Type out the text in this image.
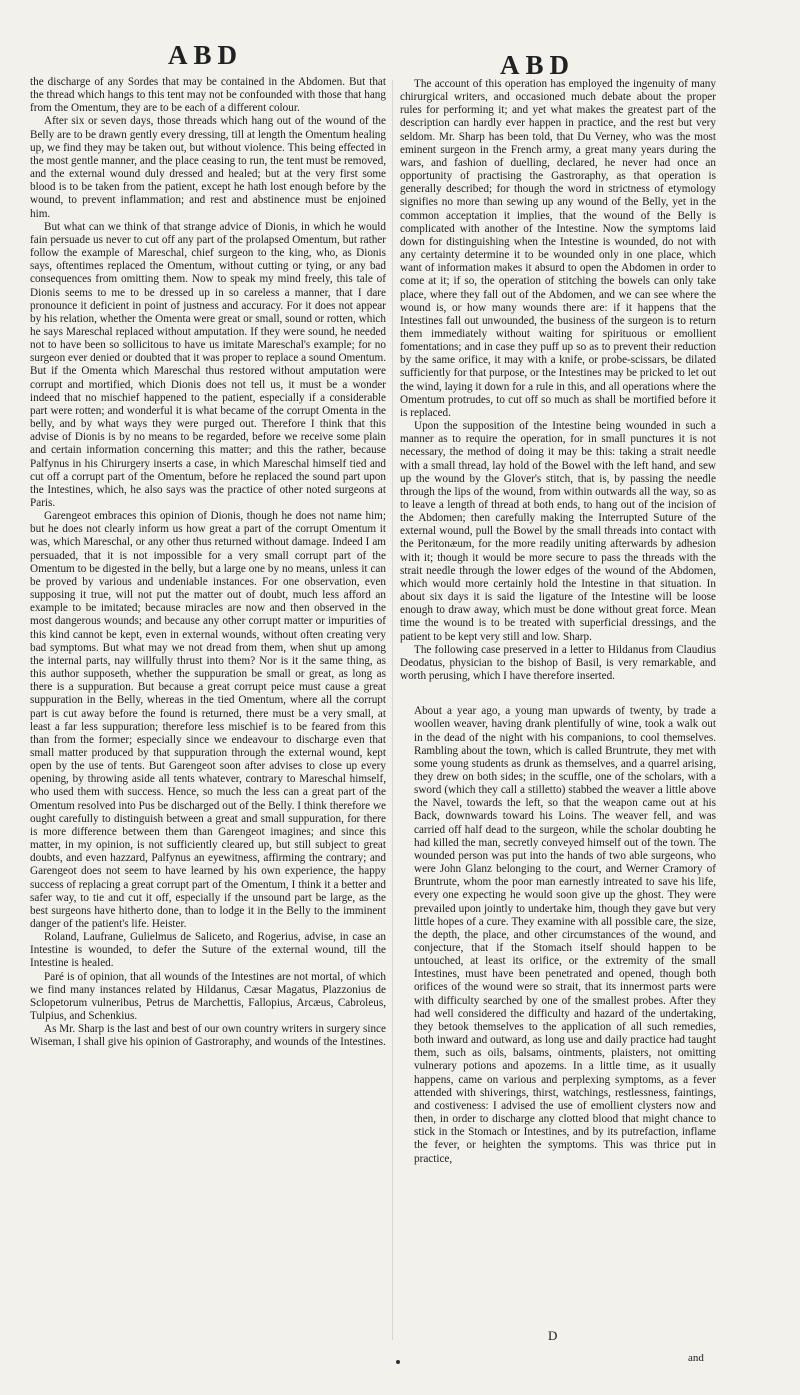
ABD	ABD

the discharge of any Sordes that may be contained in the Abdomen. But that the thread which hangs to this tent may not be confounded with those that hang from the Omentum, they are to be each of a different colour.

After six or seven days, those threads which hang out of the wound of the Belly are to be drawn gently every dressing, till at length the Omentum healing up, we find they may be taken out, but without violence. This being effected in the most gentle manner, and the place ceasing to run, the tent must be removed, and the external wound duly dressed and healed; but at the very first some blood is to be taken from the patient, except he hath lost enough before by the wound, to prevent inflammation; and rest and abstinence must be enjoined him.

But what can we think of that strange advice of Dionis, in which he would fain persuade us never to cut off any part of the prolapsed Omentum, but rather follow the example of Mareschal, chief surgeon to the king, who, as Dionis says, oftentimes replaced the Omentum, without cutting or tying, or any bad consequences from omitting them. Now to speak my mind freely, this tale of Dionis seems to me to be dressed up in so careless a manner, that I dare pronounce it deficient in point of justness and accuracy. For it does not appear by his relation, whether the Omenta were great or small, sound or rotten, which he says Mareschal replaced without amputation. If they were sound, he needed not to have been so sollicitous to have us imitate Mareschal's example; for no surgeon ever denied or doubted that it was proper to replace a sound Omentum. But if the Omenta which Mareschal thus restored without amputation were corrupt and mortified, which Dionis does not tell us, it must be a wonder indeed that no mischief happened to the patient, especially if a considerable part were rotten; and wonderful it is what became of the corrupt Omenta in the belly, and by what ways they were purged out. Therefore I think that this advise of Dionis is by no means to be regarded, before we receive some plain and certain information concerning this matter; and this the rather, because Palfynus in his Chirurgery inserts a case, in which Mareschal himself tied and cut off a corrupt part of the Omentum, before he replaced the sound part upon the Intestines, which, he also says was the practice of other noted surgeons at Paris.

Garengeot embraces this opinion of Dionis, though he does not name him; but he does not clearly inform us how great a part of the corrupt Omentum it was, which Mareschal, or any other thus returned without damage. Indeed I am persuaded, that it is not impossible for a very small corrupt part of the Omentum to be digested in the belly, but a large one by no means, unless it can be proved by various and undeniable instances. For one observation, even supposing it true, will not put the matter out of doubt, much less afford an example to be imitated; because miracles are now and then observed in the most dangerous wounds; and because any other corrupt matter or impurities of this kind cannot be kept, even in external wounds, without often creating very bad symptoms. But what may we not dread from them, when shut up among the internal parts, nay willfully thrust into them? Nor is it the same thing, as this author supposeth, whether the suppuration be small or great, as long as there is a suppuration. But because a great corrupt peice must cause a great suppuration in the Belly, whereas in the tied Omentum, where all the corrupt part is cut away before the found is returned, there must be a very small, at least a far less suppuration; therefore less mischief is to be feared from this than from the former; especially since we endeavour to discharge even that small matter produced by that suppuration through the external wound, kept open by the use of tents. But Garengeot soon after advises to close up every opening, by throwing aside all tents whatever, contrary to Mareschal himself, who used them with success. Hence, so much the less can a great part of the Omentum resolved into Pus be discharged out of the Belly. I think therefore we ought carefully to distinguish between a great and small suppuration, for there is more difference between them than Garengeot imagines; and since this matter, in my opinion, is not sufficiently cleared up, but still subject to great doubts, and even hazzard, Palfynus an eyewitness, affirming the contrary; and Garengeot does not seem to have learned by his own experience, the happy success of replacing a great corrupt part of the Omentum, I think it a better and safer way, to tie and cut it off, especially if the unsound part be large, as the best surgeons have hitherto done, than to lodge it in the Belly to the imminent danger of the patient's life. Heister.

Roland, Laufrane, Gulielmus de Saliceto, and Rogerius, advise, in case an Intestine is wounded, to defer the Suture of the external wound, till the Intestine is healed.

Paré is of opinion, that all wounds of the Intestines are not mortal, of which we find many instances related by Hildanus, Cæsar Magatus, Plazzonius de Sclopetorum vulneribus, Petrus de Marchettis, Fallopius, Arcæus, Cabroleus, Tulpius, and Schenkius.

As Mr. Sharp is the last and best of our own country writers in surgery since Wiseman, I shall give his opinion of Gastroraphy, and wounds of the Intestines.

The account of this operation has employed the ingenuity of many chirurgical writers, and occasioned much debate about the proper rules for performing it; and yet what makes the greatest part of the description can hardly ever happen in practice, and the rest but very seldom. Mr. Sharp has been told, that Du Verney, who was the most eminent surgeon in the French army, a great many years during the wars, and fashion of duelling, declared, he never had once an opportunity of practising the Gastroraphy, as that operation is generally described; for though the word in strictness of etymology signifies no more than sewing up any wound of the Belly, yet in the common acceptation it implies, that the wound of the Belly is complicated with another of the Intestine. Now the symptoms laid down for distinguishing when the Intestine is wounded, do not with any certainty determine it to be wounded only in one place, which want of information makes it absurd to open the Abdomen in order to come at it; if so, the operation of stitching the bowels can only take place, where they fall out of the Abdomen, and we can see where the wound is, or how many wounds there are: if it happens that the Intestines fall out unwounded, the business of the surgeon is to return them immediately without waiting for spirituous or emollient fomentations; and in case they puff up so as to prevent their reduction by the same orifice, it may with a knife, or probe-scissars, be dilated sufficiently for that purpose, or the Intestines may be pricked to let out the wind, laying it down for a rule in this, and all operations where the Omentum protrudes, to cut off so much as shall be mortified before it is replaced.

Upon the supposition of the Intestine being wounded in such a manner as to require the operation, for in small punctures it is not necessary, the method of doing it may be this: taking a strait needle with a small thread, lay hold of the Bowel with the left hand, and sew up the wound by the Glover's stitch, that is, by passing the needle through the lips of the wound, from within outwards all the way, so as to leave a length of thread at both ends, to hang out of the incision of the Abdomen; then carefully making the Interrupted Suture of the external wound, pull the Bowel by the small threads into contact with the Peritonæum, for the more readily uniting afterwards by adhesion with it; though it would be more secure to pass the threads with the strait needle through the lower edges of the wound of the Abdomen, which would more certainly hold the Intestine in that situation. In about six days it is said the ligature of the Intestine will be loose enough to draw away, which must be done without great force. Mean time the wound is to be treated with superficial dressings, and the patient to be kept very still and low. Sharp.

The following case preserved in a letter to Hildanus from Claudius Deodatus, physician to the bishop of Basil, is very remarkable, and worth perusing, which I have therefore inserted.

About a year ago, a young man upwards of twenty, by trade a woollen weaver, having drank plentifully of wine, took a walk out in the dead of the night with his companions, to cool themselves. Rambling about the town, which is called Bruntrute, they met with some young students as drunk as themselves, and a quarrel arising, they drew on both sides; in the scuffle, one of the scholars, with a sword (which they call a stilletto) stabbed the weaver a little above the Navel, towards the left, so that the weapon came out at his Back, downwards toward his Loins. The weaver fell, and was carried off half dead to the surgeon, while the scholar doubting he had killed the man, secretly conveyed himself out of the town. The wounded person was put into the hands of two able surgeons, who were John Glanz belonging to the court, and Werner Cramory of Bruntrute, whom the poor man earnestly intreated to save his life, every one expecting he would soon give up the ghost. They were prevailed upon jointly to undertake him, though they gave but very little hopes of a cure. They examine with all possible care, the size, the depth, the place, and other circumstances of the wound, and conjecture, that if the Stomach itself should happen to be untouched, at least its orifice, or the extremity of the small Intestines, must have been penetrated and opened, though both orifices of the wound were so strait, that its innermost parts were with difficulty searched by one of the smallest probes. After they had well considered the difficulty and hazard of the undertaking, they betook themselves to the application of all such remedies, both inward and outward, as long use and daily practice had taught them, such as oils, balsams, ointments, plaisters, not omitting vulnerary potions and apozems. In a little time, as it usually happens, came on various and perplexing symptoms, as a fever attended with shiverings, thirst, watchings, restlessness, faintings, and costiveness: I advised the use of emollient clysters now and then, in order to discharge any clotted blood that might chance to stick in the Stomach or Intestines, and by its putrefaction, inflame the fever, or heighten the symptoms. This was thrice put in practice,

D
and
